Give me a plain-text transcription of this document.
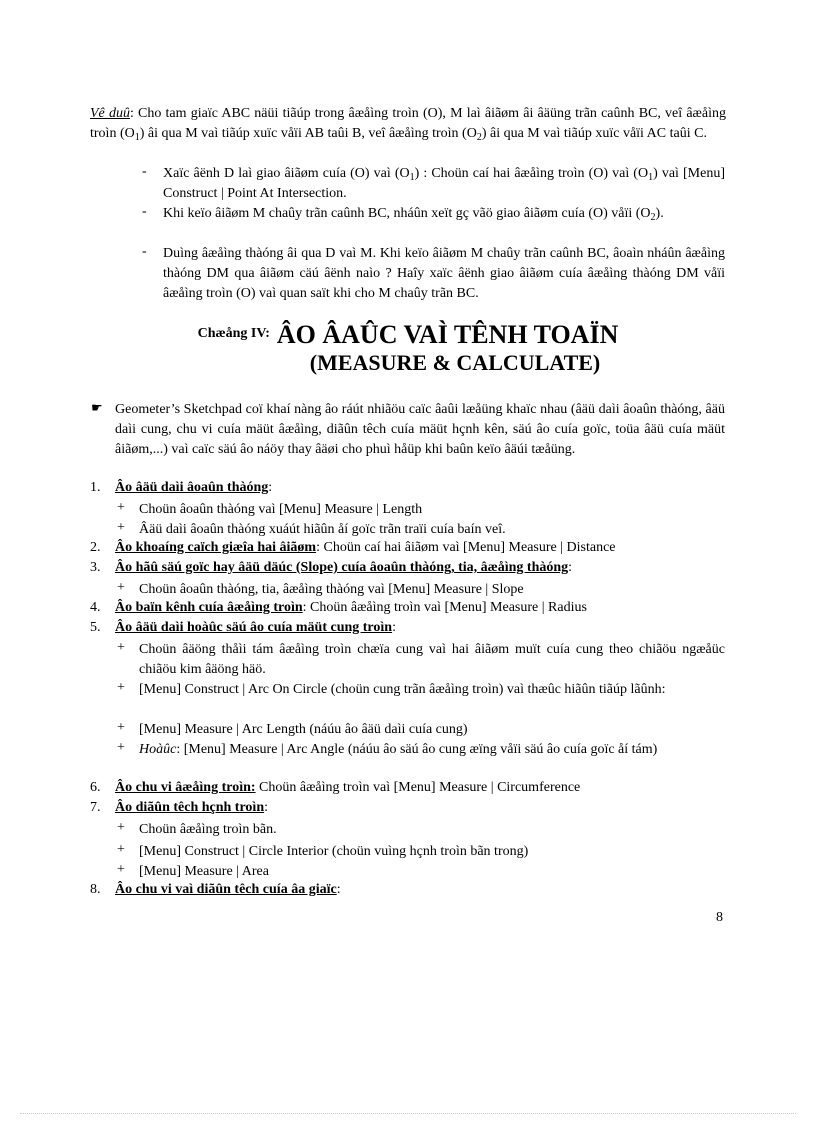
Vê duû: Cho tam giaïc ABC näüi tiãúp trong âæåìng troìn (O), M laì âiãøm âi âäüng trãn caûnh BC, veî âæåìng troìn $(O_1)$ âi qua M vaì tiãúp xuïc våïi AB taûi B, veî âæåìng troìn $(O_2)$ âi qua M vaì tiãúp xuïc våïi AC taûi C.
- Xaïc âënh D laì giao âiãøm cuía (O) vaì $(O_1)$ : Choün caí hai âæåìng troìn (O) vaì $(O_1)$ vaì [Menu] Construct | Point At Intersection.
- Khi keïo âiãøm M chaûy trãn caûnh BC, nháûn xeït gç vãö giao âiãøm cuía (O) våïi $(O_2)$.
- Duìng âæåìng thàóng âi qua D vaì M. Khi keïo âiãøm M chaûy trãn caûnh BC, âoaìn nháûn âæåìng thàóng DM qua âiãøm cäú âënh naìo ? Haîy xaïc âënh giao âiãøm cuía âæåìng thàóng DM våïi âæåìng troìn (O) vaì quan saït khi cho M chaûy trãn BC.
Chæång IV: ÂO ÂAÛC VAÌ TÊNH TOAÏN
(MEASURE & CALCULATE)
☛ Geometer’s Sketchpad coï khaí nàng âo ráút nhiãöu caïc âaûi læåüng khaïc nhau (âäü daìi âoaûn thàóng, âäü daìi cung, chu vi cuía mäüt âæåìng, diãûn têch cuía mäüt hçnh kên, säú âo cuía goïc, toüa âäü cuía mäüt âiãøm,...) vaì caïc säú âo náöy thay âäøi cho phuì håüp khi baûn keïo âäúi tæåüng.
1. Âo âäü daìi âoaûn thàóng:
+ Choün âoaûn thàóng vaì [Menu] Measure | Length
+ Âäü daìi âoaûn thàóng xuáút hiãûn åí goïc trãn traïi cuía baín veî.
2. Âo khoaíng caïch giæîa hai âiãøm: Choün caí hai âiãøm vaì [Menu] Measure | Distance
3. Âo hãû säú goïc hay âäü däúc (Slope) cuía âoaûn thàóng, tia, âæåìng thàóng:
+ Choün âoaûn thàóng, tia, âæåìng thàóng vaì [Menu] Measure | Slope
4. Âo baïn kênh cuía âæåìng troìn: Choün âæåìng troìn vaì [Menu] Measure | Radius
5. Âo âäü daìi hoàûc säú âo cuía mäüt cung troìn:
+ Choün âäöng thåìi tám âæåìng troìn chæïa cung vaì hai âiãøm muït cuía cung theo chiãöu ngæåüc chiãöu kim âäöng häö.
+ [Menu] Construct | Arc On Circle (choün cung trãn âæåìng troìn) vaì thæûc hiãûn tiãúp lãûnh:
+ [Menu] Measure | Arc Length (náúu âo âäü daìi cuía cung)
+ Hoàûc: [Menu] Measure | Arc Angle (náúu âo säú âo cung æïng våïi säú âo cuía goïc åí tám)
6. Âo chu vi âæåìng troìn: Choün âæåìng troìn vaì [Menu] Measure | Circumference
7. Âo diãûn têch hçnh troìn:
+ Choün âæåìng troìn bãn.
+ [Menu] Construct | Circle Interior (choün vuìng hçnh troìn bãn trong)
+ [Menu] Measure | Area
8. Âo chu vi vaì diãûn têch cuía âa giaïc:
8
